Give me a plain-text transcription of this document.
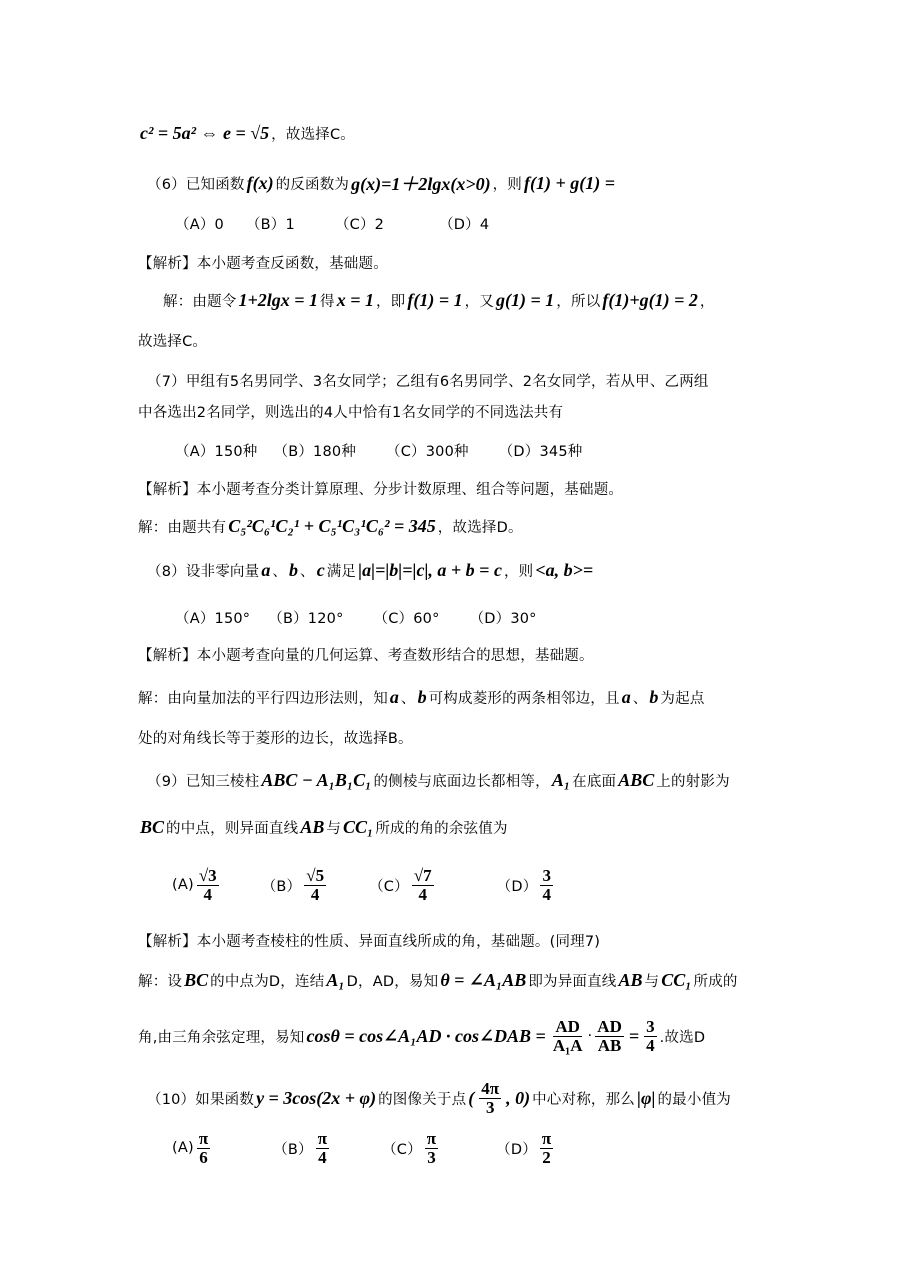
c² = 5a² ⇔ e = √5 ，故选择C。
（6）已知函数 f(x) 的反函数为 g(x)=1＋2lgx(x>0) ，则 f(1) + g(1) =
（A）0 （B）1	（C）2	（D）4
【解析】本小题考查反函数，基础题。
解：由题令 1+2lgx = 1 得 x = 1 ，即 f(1) = 1 ，又 g(1) = 1 ，所以 f(1)+g(1) = 2 ，
故选择C。
（7）甲组有5名男同学、3名女同学；乙组有6名男同学、2名女同学，若从甲、乙两组
中各选出2名同学，则选出的4人中恰有1名女同学的不同选法共有
（A）150种 （B）180种 （C）300种 （D）345种
【解析】本小题考查分类计算原理、分步计数原理、组合等问题，基础题。
解：由题共有 C₅²C₆¹C₂¹ + C₅¹C₃¹C₆² = 345 ，故选择D。
（8）设非零向量 a 、 b 、 c 满足 |a|=|b|=|c|, a + b = c ，则 <a, b>=
（A）150° （B）120° （C）60° （D）30°
【解析】本小题考查向量的几何运算、考查数形结合的思想，基础题。
解：由向量加法的平行四边形法则，知 a 、 b 可构成菱形的两条相邻边，且 a 、 b 为起点
处的对角线长等于菱形的边长，故选择B。
（9）已知三棱柱 ABC − A₁B₁C₁ 的侧棱与底面边长都相等， A₁ 在底面 ABC 上的射影为
BC 的中点，则异面直线 AB 与 CC₁ 所成的角的余弦值为
$(A) \frac{√3}{4}$	$(B) \frac{√5}{4}$	$(C) \frac{√7}{4}$	$(D) \frac{3}{4}$
【解析】本小题考查棱柱的性质、异面直线所成的角，基础题。(同理7)
解：设 BC 的中点为D，连结 A₁ D，AD，易知 θ = ∠A₁AB 即为异面直线 AB 与 CC₁ 所成的
角,由三角余弦定理，易知 cosθ = cos∠A₁AD · cos∠DAB = $\frac{AD}{\text{A₁A}} \cdot \frac{AD}{AB} = \frac{3}{4}$ .故选D
（10）如果函数 y = 3cos(2x + φ) 的图像关于点 ( $\frac{4\pi}{3}$ , 0) 中心对称，那么 |φ| 的最小值为
$(A) \frac{\pi}{6}$	$(B) \frac{\pi}{4}$	$(C) \frac{\pi}{3}$	$(D) \frac{\pi}{2}$
